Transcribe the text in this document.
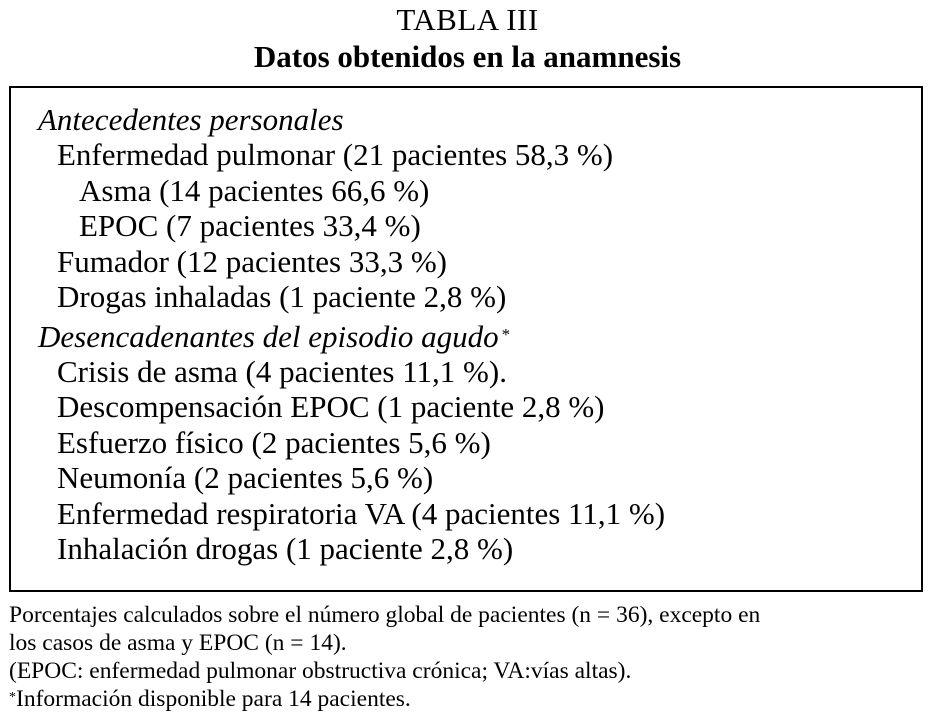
TABLA III
Datos obtenidos en la anamnesis
Antecedentes personales
Enfermedad pulmonar (21 pacientes 58,3 %)
Asma (14 pacientes 66,6 %)
EPOC (7 pacientes 33,4 %)
Fumador (12 pacientes 33,3 %)
Drogas inhaladas (1 paciente 2,8 %)
Desencadenantes del episodio agudo *
Crisis de asma (4 pacientes 11,1 %).
Descompensación EPOC (1 paciente 2,8 %)
Esfuerzo físico (2 pacientes 5,6 %)
Neumonía (2 pacientes 5,6 %)
Enfermedad respiratoria VA (4 pacientes 11,1 %)
Inhalación drogas (1 paciente 2,8 %)

Porcentajes calculados sobre el número global de pacientes (n = 36), excepto en

los casos de asma y EPOC (n = 14).

(EPOC: enfermedad pulmonar obstructiva crónica; VA:vías altas).

*Información disponible para 14 pacientes.
